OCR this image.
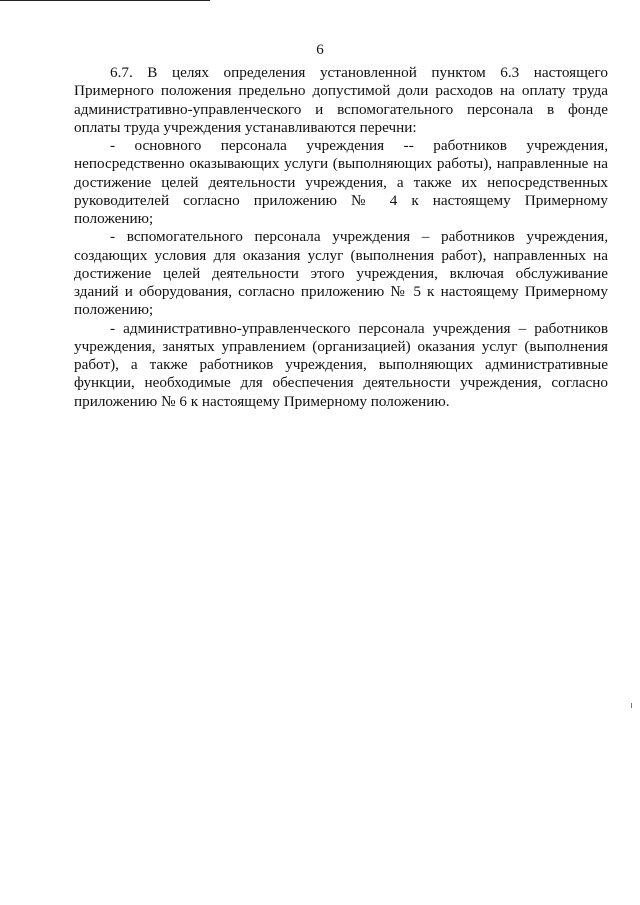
6

6.7. В целях определения установленной пунктом 6.3 настоящего Примерного положения предельно допустимой доли расходов на оплату труда административно-управленческого и вспомогательного персонала в фонде оплаты труда учреждения устанавливаются перечни:

- основного персонала учреждения -- работников учреждения, непосредственно оказывающих услуги (выполняющих работы), направленные на достижение целей деятельности учреждения, а также их непосредственных руководителей согласно приложению № 4 к настоящему Примерному положению;

- вспомогательного персонала учреждения – работников учреждения, создающих условия для оказания услуг (выполнения работ), направленных на достижение целей деятельности этого учреждения, включая обслуживание зданий и оборудования, согласно приложению № 5 к настоящему Примерному положению;

- административно-управленческого персонала учреждения – работников учреждения, занятых управлением (организацией) оказания услуг (выполнения работ), а также работников учреждения, выполняющих административные функции, необходимые для обеспечения деятельности учреждения, согласно приложению № 6 к настоящему Примерному положению.
